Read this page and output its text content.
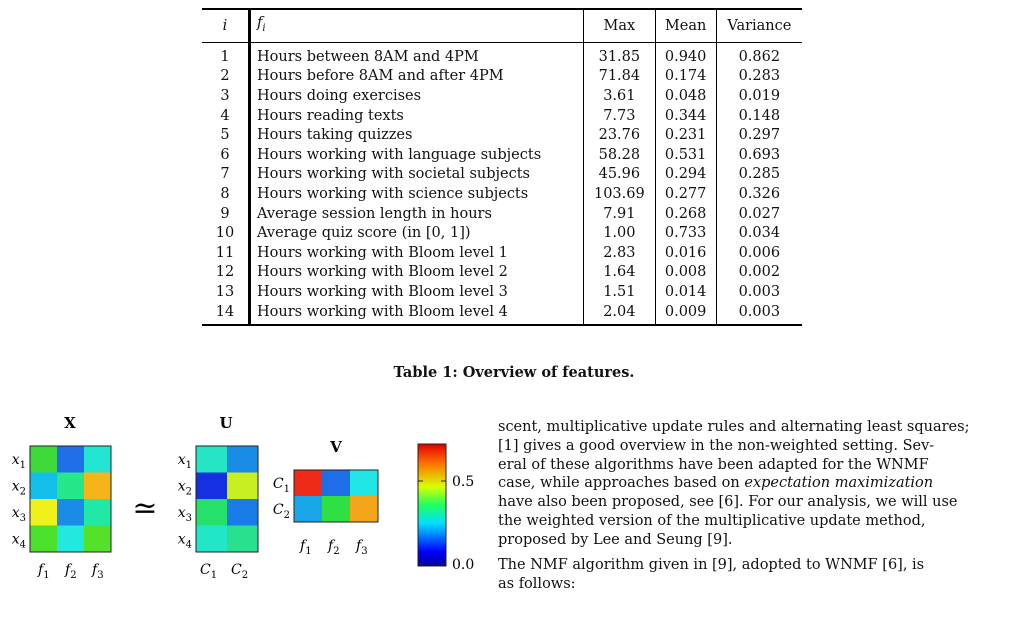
i	$f_i$	Max	Mean	Variance
1	Hours between 8AM and 4PM	31.85	0.940	0.862
2	Hours before 8AM and after 4PM	71.84	0.174	0.283
3	Hours doing exercises	3.61	0.048	0.019
4	Hours reading texts	7.73	0.344	0.148
5	Hours taking quizzes	23.76	0.231	0.297
6	Hours working with language subjects	58.28	0.531	0.693
7	Hours working with societal subjects	45.96	0.294	0.285
8	Hours working with science subjects	103.69	0.277	0.326
9	Average session length in hours	7.91	0.268	0.027
10	Average quiz score (in [0, 1])	1.00	0.733	0.034
11	Hours working with Bloom level 1	2.83	0.016	0.006
12	Hours working with Bloom level 2	1.64	0.008	0.002
13	Hours working with Bloom level 3	1.51	0.014	0.003
14	Hours working with Bloom level 4	2.04	0.009	0.003
Table 1: Overview of features.
X	U
V
≃
$x_1$
$x_2$
$x_3$
$x_4$
$x_1$
$x_2$
$x_3$
$x_4$
$f_1$ $f_2$ $f_3$	$C_1$ $C_2$
$C_1$
$C_2$
$f_1$ $f_2$ $f_3$
0.5
0.0
scent, multiplicative update rules and alternating least squares;
[1] gives a good overview in the non-weighted setting. Sev-
eral of these algorithms have been adapted for the WNMF
case, while approaches based on expectation maximization
have also been proposed, see [6]. For our analysis, we will use
the weighted version of the multiplicative update method,
proposed by Lee and Seung [9].
The NMF algorithm given in [9], adopted to WNMF [6], is
as follows:
